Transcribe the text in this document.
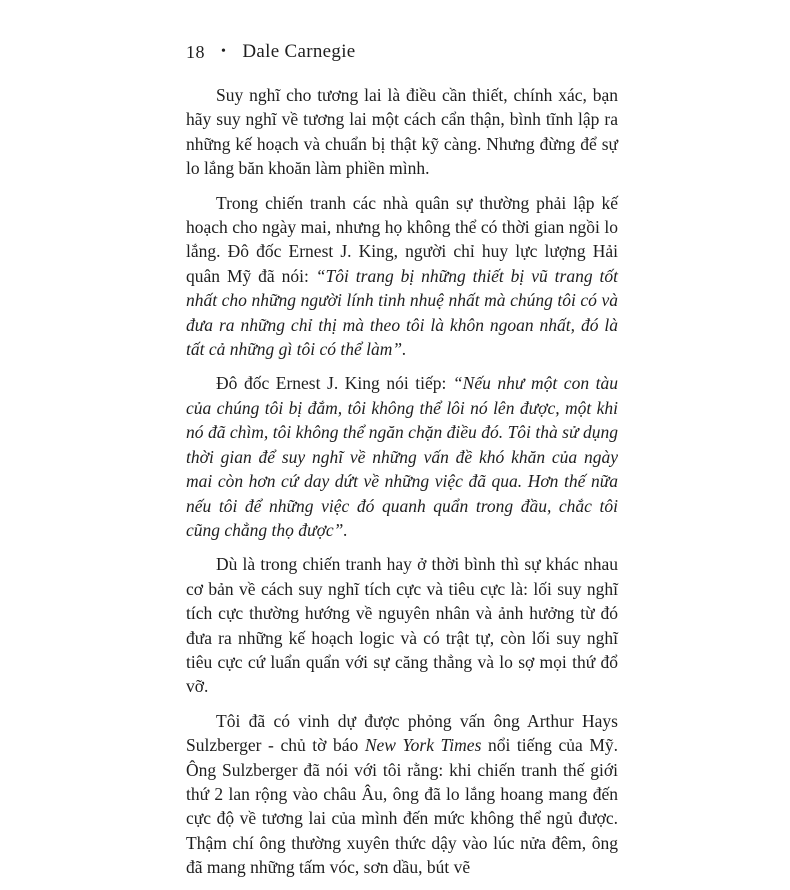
18 • Dale Carnegie

Suy nghĩ cho tương lai là điều cần thiết, chính xác, bạn hãy suy nghĩ về tương lai một cách cẩn thận, bình tĩnh lập ra những kế hoạch và chuẩn bị thật kỹ càng. Nhưng đừng để sự lo lắng băn khoăn làm phiền mình.

Trong chiến tranh các nhà quân sự thường phải lập kế hoạch cho ngày mai, nhưng họ không thể có thời gian ngồi lo lắng. Đô đốc Ernest J. King, người chỉ huy lực lượng Hải quân Mỹ đã nói: “Tôi trang bị những thiết bị vũ trang tốt nhất cho những người lính tinh nhuệ nhất mà chúng tôi có và đưa ra những chỉ thị mà theo tôi là khôn ngoan nhất, đó là tất cả những gì tôi có thể làm”.

Đô đốc Ernest J. King nói tiếp: “Nếu như một con tàu của chúng tôi bị đắm, tôi không thể lôi nó lên được, một khi nó đã chìm, tôi không thể ngăn chặn điều đó. Tôi thà sử dụng thời gian để suy nghĩ về những vấn đề khó khăn của ngày mai còn hơn cứ day dứt về những việc đã qua. Hơn thế nữa nếu tôi để những việc đó quanh quẩn trong đầu, chắc tôi cũng chẳng thọ được”.

Dù là trong chiến tranh hay ở thời bình thì sự khác nhau cơ bản về cách suy nghĩ tích cực và tiêu cực là: lối suy nghĩ tích cực thường hướng về nguyên nhân và ảnh hưởng từ đó đưa ra những kế hoạch logic và có trật tự, còn lối suy nghĩ tiêu cực cứ luẩn quẩn với sự căng thẳng và lo sợ mọi thứ đổ vỡ.

Tôi đã có vinh dự được phỏng vấn ông Arthur Hays Sulzberger - chủ tờ báo New York Times nổi tiếng của Mỹ. Ông Sulzberger đã nói với tôi rằng: khi chiến tranh thế giới thứ 2 lan rộng vào châu Âu, ông đã lo lắng hoang mang đến cực độ về tương lai của mình đến mức không thể ngủ được. Thậm chí ông thường xuyên thức dậy vào lúc nửa đêm, ông đã mang những tấm vóc, sơn dầu, bút vẽ
